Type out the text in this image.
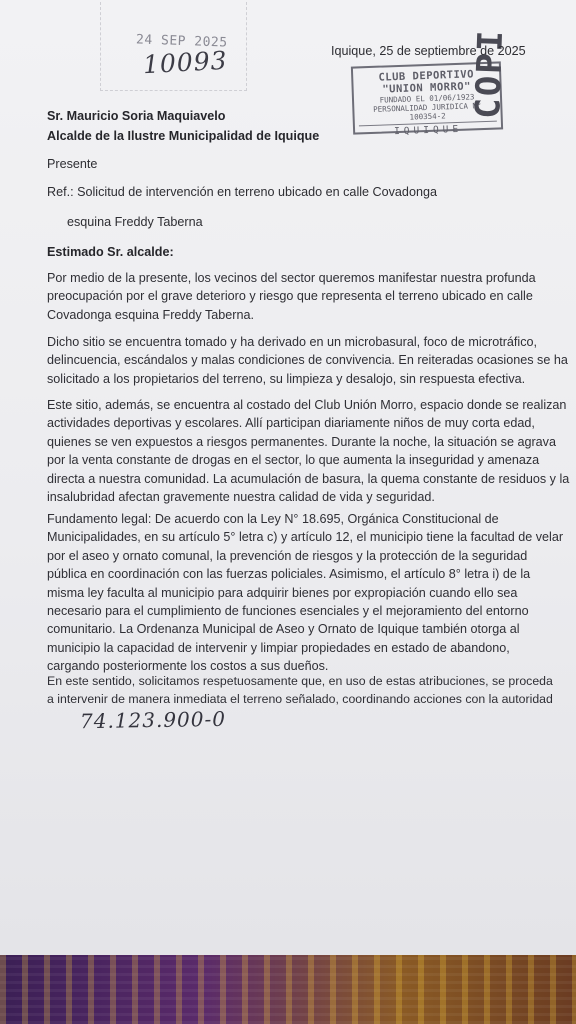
24 SEP 2025
10093	CLUB DEPORTIVO "UNION MORRO"
FUNDADO EL 01/06/1923
PERSONALIDAD JURIDICA N° 100354-2
IQUIQUE
COPI
Iquique, 25 de septiembre de 2025
Sr. Mauricio Soria Maquiavelo
Alcalde de la Ilustre Municipalidad de Iquique
Presente
Ref.: Solicitud de intervención en terreno ubicado en calle Covadonga
esquina Freddy Taberna
Estimado Sr. alcalde:
Por medio de la presente, los vecinos del sector queremos manifestar nuestra profunda
preocupación por el grave deterioro y riesgo que representa el terreno ubicado en calle
Covadonga esquina Freddy Taberna.
Dicho sitio se encuentra tomado y ha derivado en un microbasural, foco de microtráfico,
delincuencia, escándalos y malas condiciones de convivencia. En reiteradas ocasiones se ha
solicitado a los propietarios del terreno, su limpieza y desalojo, sin respuesta efectiva.
Este sitio, además, se encuentra al costado del Club Unión Morro, espacio donde se realizan
actividades deportivas y escolares. Allí participan diariamente niños de muy corta edad,
quienes se ven expuestos a riesgos permanentes. Durante la noche, la situación se agrava
por la venta constante de drogas en el sector, lo que aumenta la inseguridad y amenaza
directa a nuestra comunidad. La acumulación de basura, la quema constante de residuos y la
insalubridad afectan gravemente nuestra calidad de vida y seguridad.
Fundamento legal: De acuerdo con la Ley N° 18.695, Orgánica Constitucional de
Municipalidades, en su artículo 5° letra c) y artículo 12, el municipio tiene la facultad de velar
por el aseo y ornato comunal, la prevención de riesgos y la protección de la seguridad
pública en coordinación con las fuerzas policiales. Asimismo, el artículo 8° letra i) de la
misma ley faculta al municipio para adquirir bienes por expropiación cuando ello sea
necesario para el cumplimiento de funciones esenciales y el mejoramiento del entorno
comunitario. La Ordenanza Municipal de Aseo y Ornato de Iquique también otorga al
municipio la capacidad de intervenir y limpiar propiedades en estado de abandono,
cargando posteriormente los costos a sus dueños.
En este sentido, solicitamos respetuosamente que, en uso de estas atribuciones, se proceda
a intervenir de manera inmediata el terreno señalado, coordinando acciones con la autoridad
74.123.900-0
